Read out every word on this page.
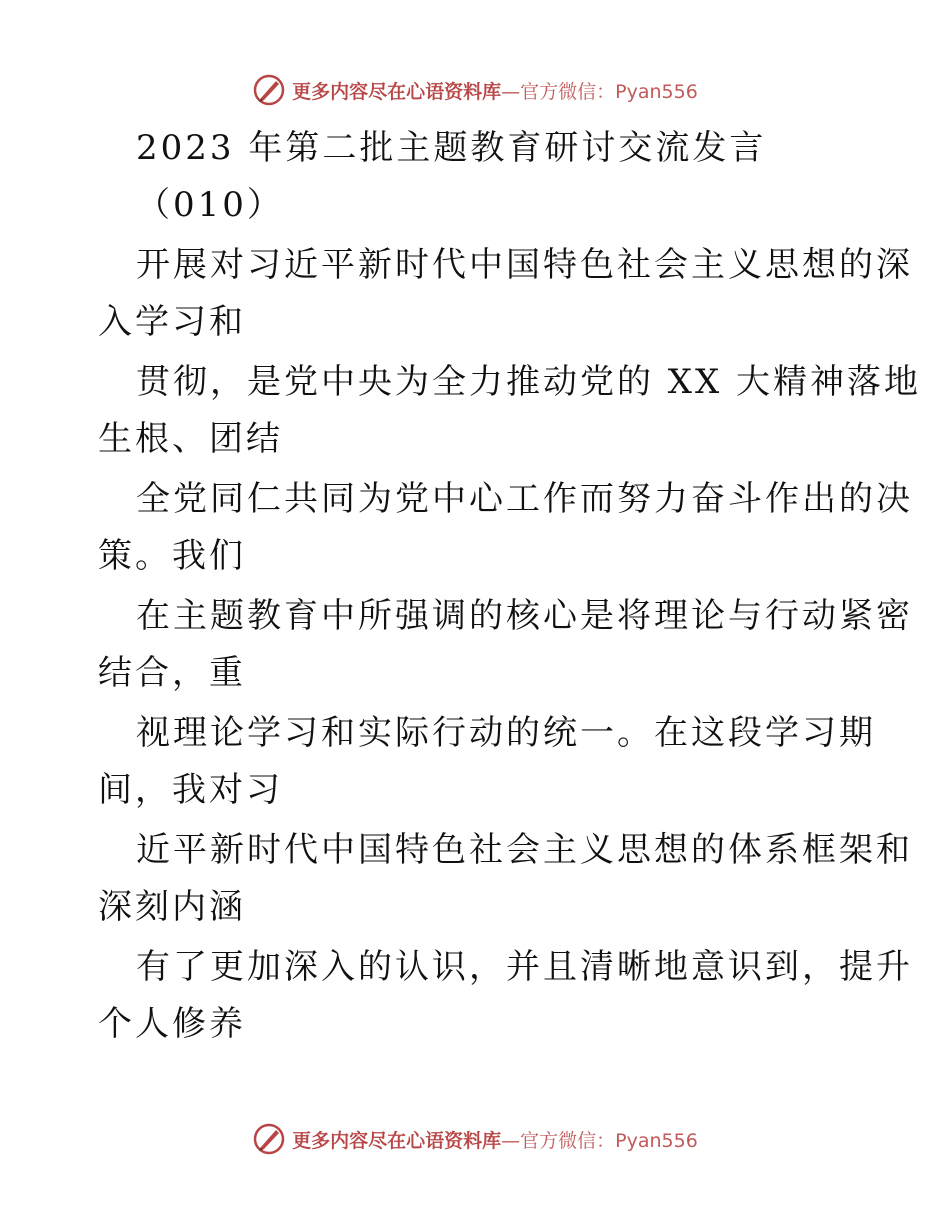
更多内容尽在心语资料库—官方微信：Pyan556
2023 年第二批主题教育研讨交流发言
（010）
开展对习近平新时代中国特色社会主义思想的深
入学习和
贯彻，是党中央为全力推动党的 XX 大精神落地
生根、团结
全党同仁共同为党中心工作而努力奋斗作出的决
策。我们
在主题教育中所强调的核心是将理论与行动紧密
结合，重
视理论学习和实际行动的统一。在这段学习期
间，我对习
近平新时代中国特色社会主义思想的体系框架和
深刻内涵
有了更加深入的认识，并且清晰地意识到，提升
个人修养
更多内容尽在心语资料库—官方微信：Pyan556
